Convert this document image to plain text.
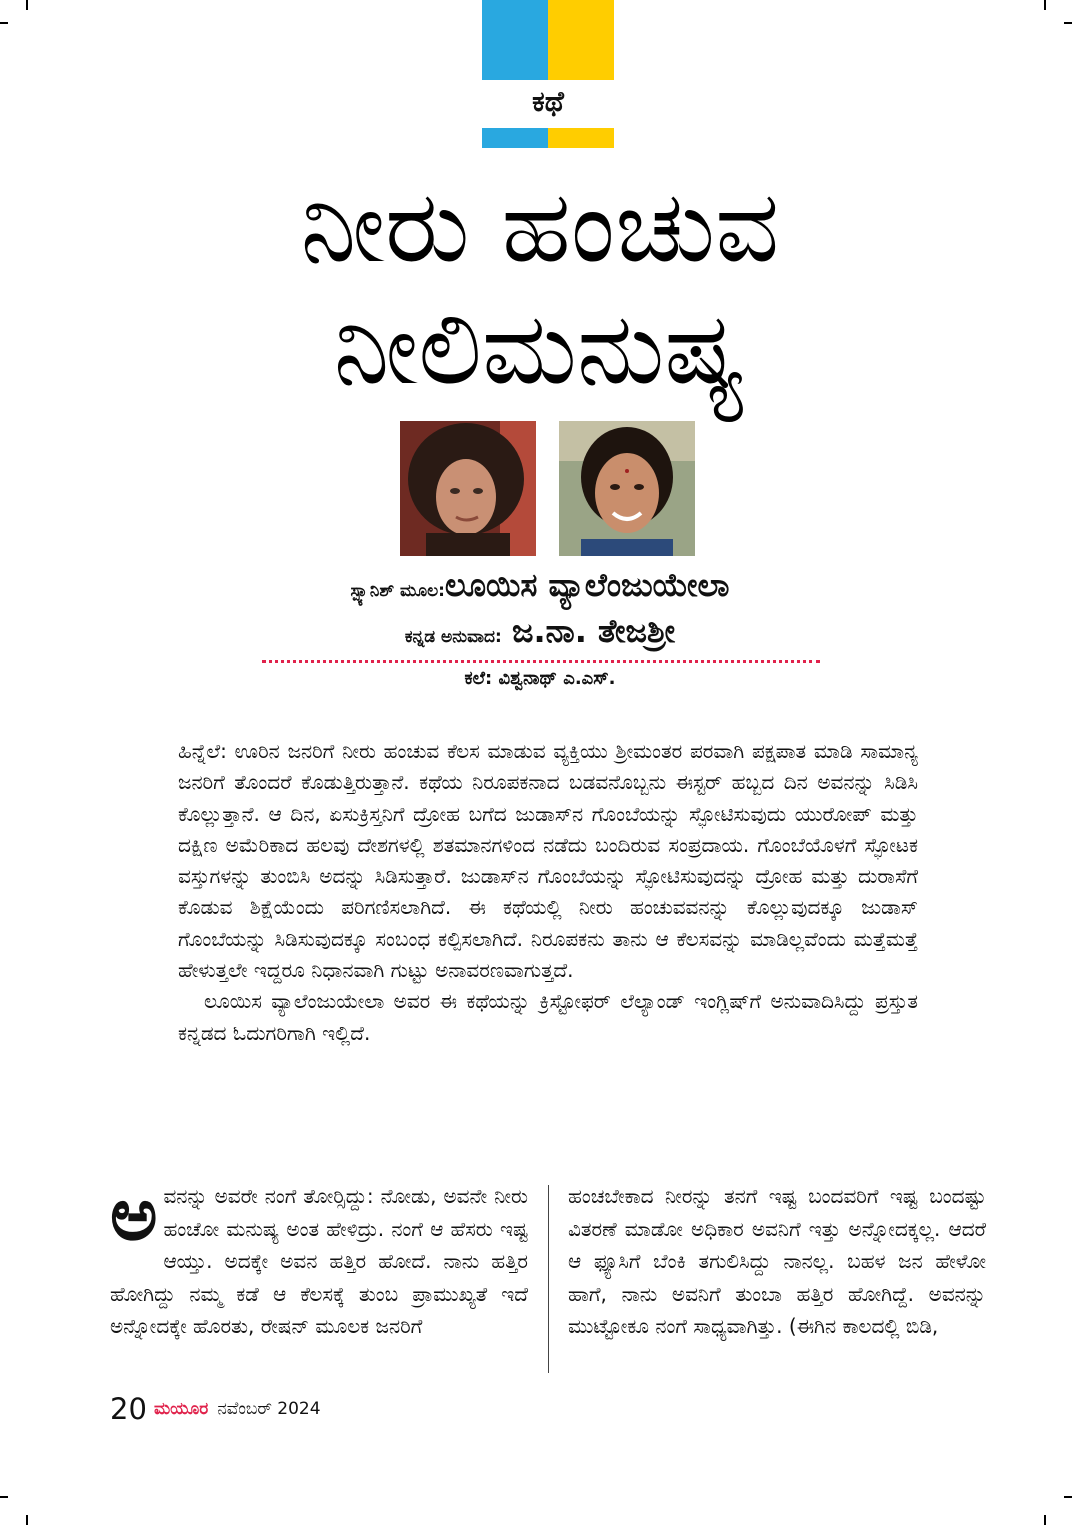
ಕಥೆ
ನೀರು ಹಂಚುವ
ನೀಲಿಮನುಷ್ಯ
ಸ್ಪ್ಯಾನಿಶ್ ಮೂಲ:ಲೂಯಿಸ ವ್ಯಾಲೆಂಜುಯೇಲಾ
ಕನ್ನಡ ಅನುವಾದ: ಜ.ನಾ. ತೇಜಶ್ರೀ
ಕಲೆ: ವಿಶ್ವನಾಥ್ ಎ.ಎಸ್.

ಹಿನ್ನೆಲೆ: ಊರಿನ ಜನರಿಗೆ ನೀರು ಹಂಚುವ ಕೆಲಸ ಮಾಡುವ ವ್ಯಕ್ತಿಯು ಶ್ರೀಮಂತರ ಪರವಾಗಿ ಪಕ್ಷಪಾತ ಮಾಡಿ ಸಾಮಾನ್ಯ ಜನರಿಗೆ ತೊಂದರೆ ಕೊಡುತ್ತಿರುತ್ತಾನೆ. ಕಥೆಯ ನಿರೂಪಕನಾದ ಬಡವನೊಬ್ಬನು ಈಸ್ಟರ್ ಹಬ್ಬದ ದಿನ ಅವನನ್ನು ಸಿಡಿಸಿ ಕೊಲ್ಲುತ್ತಾನೆ. ಆ ದಿನ, ಏಸುಕ್ರಿಸ್ತನಿಗೆ ದ್ರೋಹ ಬಗೆದ ಜುಡಾಸ್‌ನ ಗೊಂಬೆಯನ್ನು ಸ್ಫೋಟಿಸುವುದು ಯುರೋಪ್ ಮತ್ತು ದಕ್ಷಿಣ ಅಮೆರಿಕಾದ ಹಲವು ದೇಶಗಳಲ್ಲಿ ಶತಮಾನಗಳಿಂದ ನಡೆದು ಬಂದಿರುವ ಸಂಪ್ರದಾಯ. ಗೊಂಬೆಯೊಳಗೆ ಸ್ಫೋಟಕ ವಸ್ತುಗಳನ್ನು ತುಂಬಿಸಿ ಅದನ್ನು ಸಿಡಿಸುತ್ತಾರೆ. ಜುಡಾಸ್‌ನ ಗೊಂಬೆಯನ್ನು ಸ್ಫೋಟಿಸುವುದನ್ನು ದ್ರೋಹ ಮತ್ತು ದುರಾಸೆಗೆ ಕೊಡುವ ಶಿಕ್ಷೆಯೆಂದು ಪರಿಗಣಿಸಲಾಗಿದೆ. ಈ ಕಥೆಯಲ್ಲಿ ನೀರು ಹಂಚುವವನನ್ನು ಕೊಲ್ಲುವುದಕ್ಕೂ ಜುಡಾಸ್ ಗೊಂಬೆಯನ್ನು ಸಿಡಿಸುವುದಕ್ಕೂ ಸಂಬಂಧ ಕಲ್ಪಿಸಲಾಗಿದೆ. ನಿರೂಪಕನು ತಾನು ಆ ಕೆಲಸವನ್ನು ಮಾಡಿಲ್ಲವೆಂದು ಮತ್ತೆಮತ್ತೆ ಹೇಳುತ್ತಲೇ ಇದ್ದರೂ ನಿಧಾನವಾಗಿ ಗುಟ್ಟು ಅನಾವರಣವಾಗುತ್ತದೆ.

ಲೂಯಿಸ ವ್ಯಾಲೆಂಜುಯೇಲಾ ಅವರ ಈ ಕಥೆಯನ್ನು ಕ್ರಿಸ್ಟೋಫರ್ ಲೆಲ್ಯಾಂಡ್ ಇಂಗ್ಲಿಷ್‌ಗೆ ಅನುವಾದಿಸಿದ್ದು ಪ್ರಸ್ತುತ ಕನ್ನಡದ ಓದುಗರಿಗಾಗಿ ಇಲ್ಲಿದೆ.

ಅವನನ್ನು ಅವರೇ ನಂಗೆ ತೋರ್‍ಸಿದ್ದು: ನೋಡು, ಅವನೇ ನೀರು ಹಂಚೋ ಮನುಷ್ಯ ಅಂತ ಹೇಳಿದ್ರು. ನಂಗೆ ಆ ಹೆಸರು ಇಷ್ಟ ಆಯ್ತು. ಅದಕ್ಕೇ ಅವನ ಹತ್ತಿರ ಹೋದೆ. ನಾನು ಹತ್ತಿರ ಹೋಗಿದ್ದು ನಮ್ಮ ಕಡೆ ಆ ಕೆಲಸಕ್ಕೆ ತುಂಬ ಪ್ರಾಮುಖ್ಯತೆ ಇದೆ ಅನ್ನೋದಕ್ಕೇ ಹೊರತು, ರೇಷನ್ ಮೂಲಕ ಜನರಿಗೆ
ಹಂಚಬೇಕಾದ ನೀರನ್ನು ತನಗೆ ಇಷ್ಟ ಬಂದವರಿಗೆ ಇಷ್ಟ ಬಂದಷ್ಟು ವಿತರಣೆ ಮಾಡೋ ಅಧಿಕಾರ ಅವನಿಗೆ ಇತ್ತು ಅನ್ನೋದಕ್ಕಲ್ಲ. ಆದರೆ ಆ ಫ್ಯೂಸಿಗೆ ಬೆಂಕಿ ತಗುಲಿಸಿದ್ದು ನಾನಲ್ಲ. ಬಹಳ ಜನ ಹೇಳೋ ಹಾಗೆ, ನಾನು ಅವನಿಗೆ ತುಂಬಾ ಹತ್ತಿರ ಹೋಗಿದ್ದೆ. ಅವನನ್ನು ಮುಟ್ಟೋಕೂ ನಂಗೆ ಸಾಧ್ಯವಾಗಿತ್ತು. (ಈಗಿನ ಕಾಲದಲ್ಲಿ ಬಿಡಿ,
20 ಮಯೂರ ನವೆಂಬರ್ 2024
